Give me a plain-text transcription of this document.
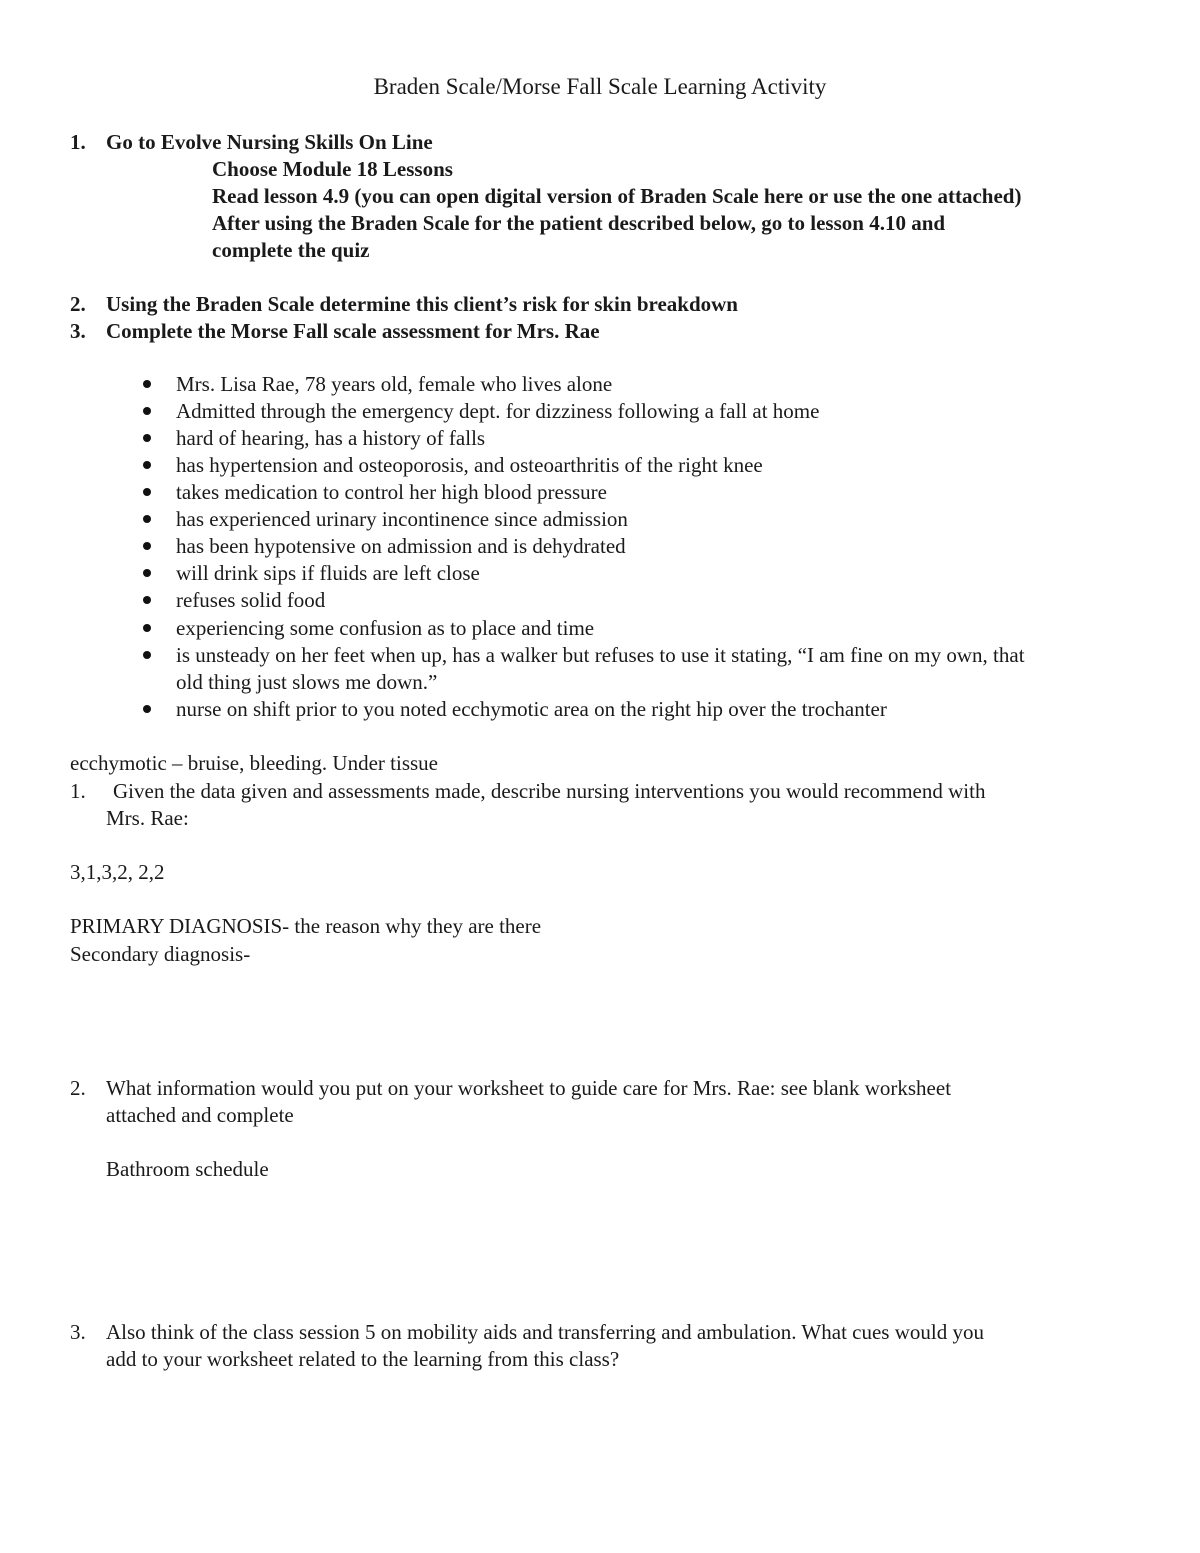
Braden Scale/Morse Fall Scale Learning Activity
1. Go to Evolve Nursing Skills On Line
Choose Module 18 Lessons
Read lesson 4.9 (you can open digital version of Braden Scale here or use the one attached)
After using the Braden Scale for the patient described below, go to lesson 4.10 and
complete the quiz
2. Using the Braden Scale determine this client’s risk for skin breakdown
3. Complete the Morse Fall scale assessment for Mrs. Rae
Mrs. Lisa Rae, 78 years old, female who lives alone
Admitted through the emergency dept. for dizziness following a fall at home
hard of hearing, has a history of falls
has hypertension and osteoporosis, and osteoarthritis of the right knee
takes medication to control her high blood pressure
has experienced urinary incontinence since admission
has been hypotensive on admission and is dehydrated
will drink sips if fluids are left close
refuses solid food
experiencing some confusion as to place and time
is unsteady on her feet when up, has a walker but refuses to use it stating, “I am fine on my own, that
old thing just slows me down.”
nurse on shift prior to you noted ecchymotic area on the right hip over the trochanter
ecchymotic – bruise, bleeding. Under tissue
1. Given the data given and assessments made, describe nursing interventions you would recommend with
Mrs. Rae:
3,1,3,2, 2,2
PRIMARY DIAGNOSIS- the reason why they are there
Secondary diagnosis-
2. What information would you put on your worksheet to guide care for Mrs. Rae: see blank worksheet
attached and complete
Bathroom schedule
3. Also think of the class session 5 on mobility aids and transferring and ambulation. What cues would you
add to your worksheet related to the learning from this class?
